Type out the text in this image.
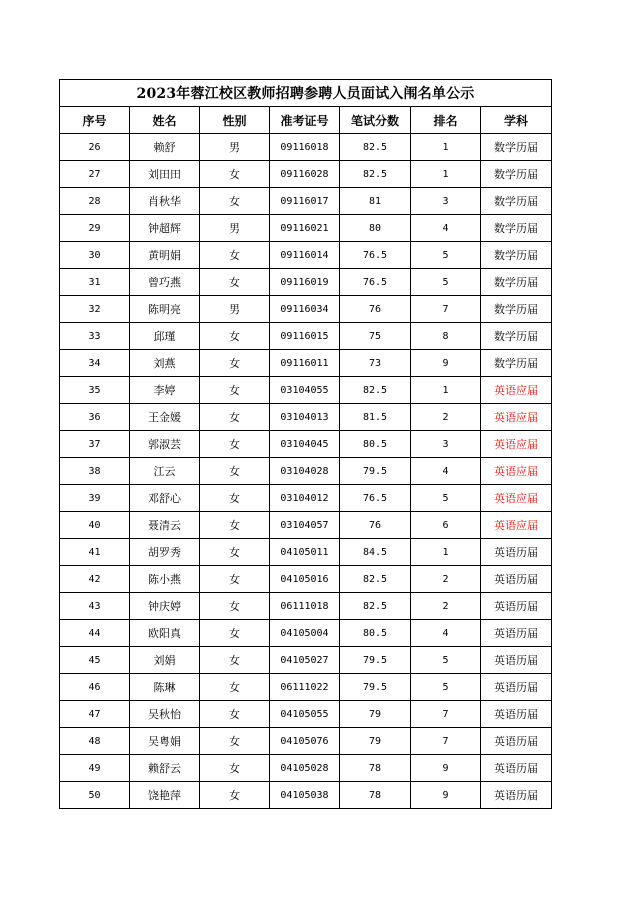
2023年蓉江校区教师招聘参聘人员面试入闱名单公示						
序号	姓名	性别	准考证号	笔试分数	排名	学科
26	赖舒	男	09116018	82.5	1	数学历届
27	刘田田	女	09116028	82.5	1	数学历届
28	肖秋华	女	09116017	81	3	数学历届
29	钟超辉	男	09116021	80	4	数学历届
30	黄明娟	女	09116014	76.5	5	数学历届
31	曾巧燕	女	09116019	76.5	5	数学历届
32	陈明亮	男	09116034	76	7	数学历届
33	邱瑾	女	09116015	75	8	数学历届
34	刘燕	女	09116011	73	9	数学历届
35	李婷	女	03104055	82.5	1	英语应届
36	王金媛	女	03104013	81.5	2	英语应届
37	郭淑芸	女	03104045	80.5	3	英语应届
38	江云	女	03104028	79.5	4	英语应届
39	邓舒心	女	03104012	76.5	5	英语应届
40	聂清云	女	03104057	76	6	英语应届
41	胡罗秀	女	04105011	84.5	1	英语历届
42	陈小燕	女	04105016	82.5	2	英语历届
43	钟庆婷	女	06111018	82.5	2	英语历届
44	欧阳真	女	04105004	80.5	4	英语历届
45	刘娟	女	04105027	79.5	5	英语历届
46	陈琳	女	06111022	79.5	5	英语历届
47	吴秋怡	女	04105055	79	7	英语历届
48	吴粤娟	女	04105076	79	7	英语历届
49	赖舒云	女	04105028	78	9	英语历届
50	饶艳萍	女	04105038	78	9	英语历届
